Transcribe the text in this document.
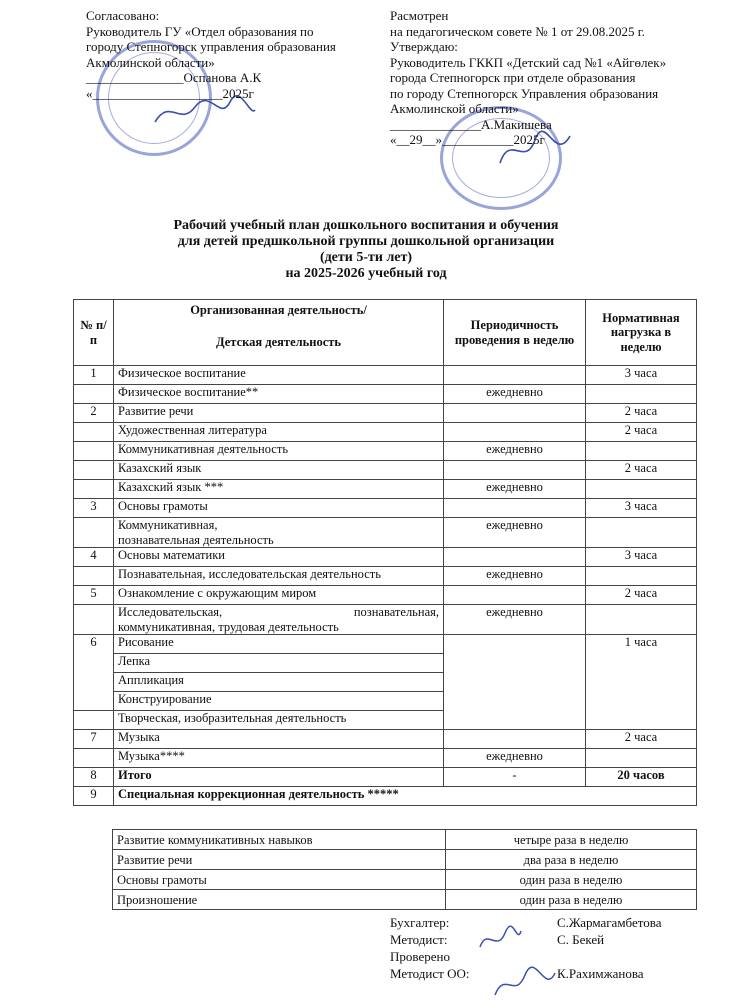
Согласовано:
Руководитель ГУ «Отдел образования по
городу Степногорск управления образования
Акмолинской области»
_______________Оспанова А.К
«____________________2025г
Расмотрен
на педагогическом совете № 1 от 29.08.2025 г.
Утверждаю:
Руководитель ГККП «Детский сад №1 «Айгөлек»
города Степногорск при отделе образования
по городу Степногорск Управления образования
Акмолинской области»
______________А.Макишева
«__29__»___________2025г
Рабочий учебный план дошкольного воспитания и обучения
для детей предшкольной группы дошкольной организации
(дети 5-ти лет)
на 2025-2026 учебный год
№ п/п	Организованная деятельность/
Детская деятельность	Периодичность проведения в неделю	Нормативная нагрузка в неделю
1	Физическое воспитание		3 часа
	Физическое воспитание**	ежедневно	
2	Развитие речи		2 часа
	Художественная литература		2 часа
	Коммуникативная деятельность	ежедневно	
	Казахский язык		2 часа
	Казахский язык ***	ежедневно	
3	Основы грамоты		3 часа

	Коммуникативная,
познавательная деятельность	ежедневно	
4	Основы математики		3 часа
	Познавательная, исследовательская деятельность	ежедневно	
5	Ознакомление с окружающим миром		2 часа

	Исследовательская, познавательная,
коммуникативная, трудовая деятельность	ежедневно	
6	Рисование		1 часа
	Лепка		
	Аппликация		
	Конструирование		
	Творческая, изобразительная деятельность		
7	Музыка		2 часа
	Музыка****	ежедневно	
8	Итого	-	20 часов
9	Специальная коррекционная деятельность *****		
Развитие коммуникативных навыков	четыре раза в неделю
Развитие речи	два раза в неделю
Основы грамоты	один раза в неделю
Произношение	один раза в неделю
Бухгалтер:	С.Жармагамбетова
Методист:	С. Бекей
Проверено
Методист ОО:	К.Рахимжанова
